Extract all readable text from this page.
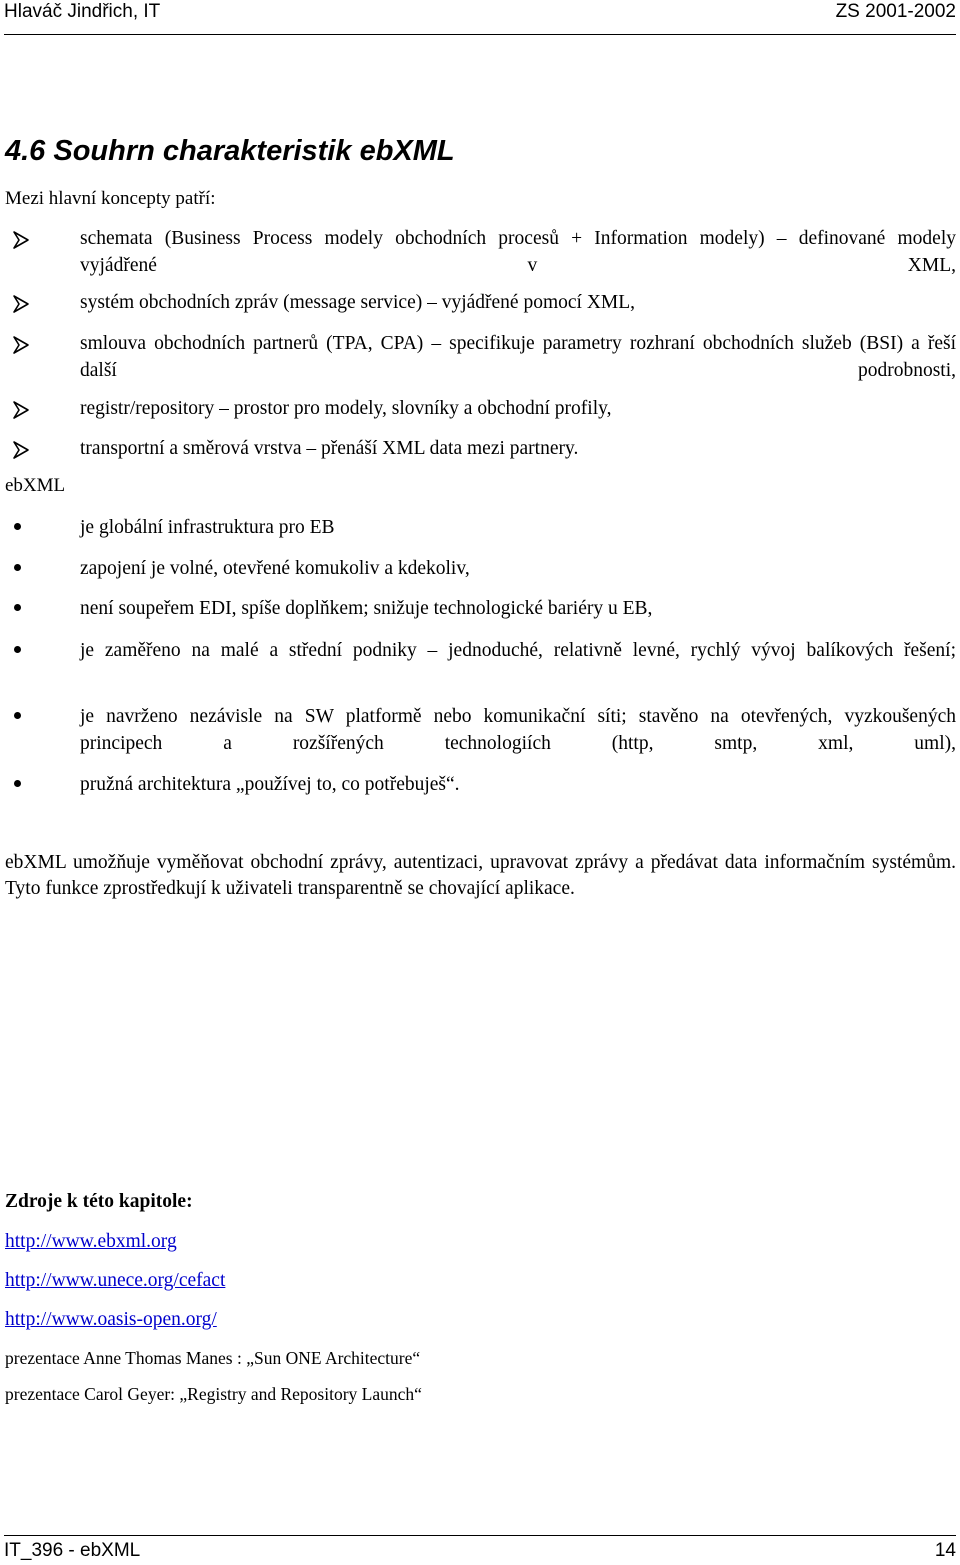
Hlaváč Jindřich, IT	ZS 2001-2002
4.6 Souhrn charakteristik ebXML
Mezi hlavní koncepty patří:
schemata (Business Process modely obchodních procesů + Information modely) – definované modely vyjádřené v XML,
systém obchodních zpráv (message service) – vyjádřené pomocí XML,
smlouva obchodních partnerů (TPA, CPA) – specifikuje parametry rozhraní obchodních služeb (BSI) a řeší další podrobnosti,
registr/repository – prostor pro modely, slovníky a obchodní profily,
transportní a směrová vrstva – přenáší XML data mezi partnery.
ebXML
je globální infrastruktura pro EB
zapojení je volné, otevřené komukoliv a kdekoliv,
není soupeřem EDI, spíše doplňkem; snižuje technologické bariéry u EB,
je zaměřeno na malé a střední podniky – jednoduché, relativně levné, rychlý vývoj balíkových řešení;
je navrženo nezávisle na SW platformě nebo komunikační síti; stavěno na otevřených, vyzkoušených principech a rozšířených technologiích (http, smtp, xml, uml),
pružná architektura „používej to, co potřebuješ“.
ebXML umožňuje vyměňovat obchodní zprávy, autentizaci, upravovat zprávy a předávat data informačním systémům. Tyto funkce zprostředkují k uživateli transparentně se chovající aplikace.
Zdroje k této kapitole:
http://www.ebxml.org
http://www.unece.org/cefact
http://www.oasis-open.org/
prezentace Anne Thomas Manes : „Sun ONE Architecture“
prezentace Carol Geyer: „Registry and Repository Launch“
IT_396 - ebXML	14
